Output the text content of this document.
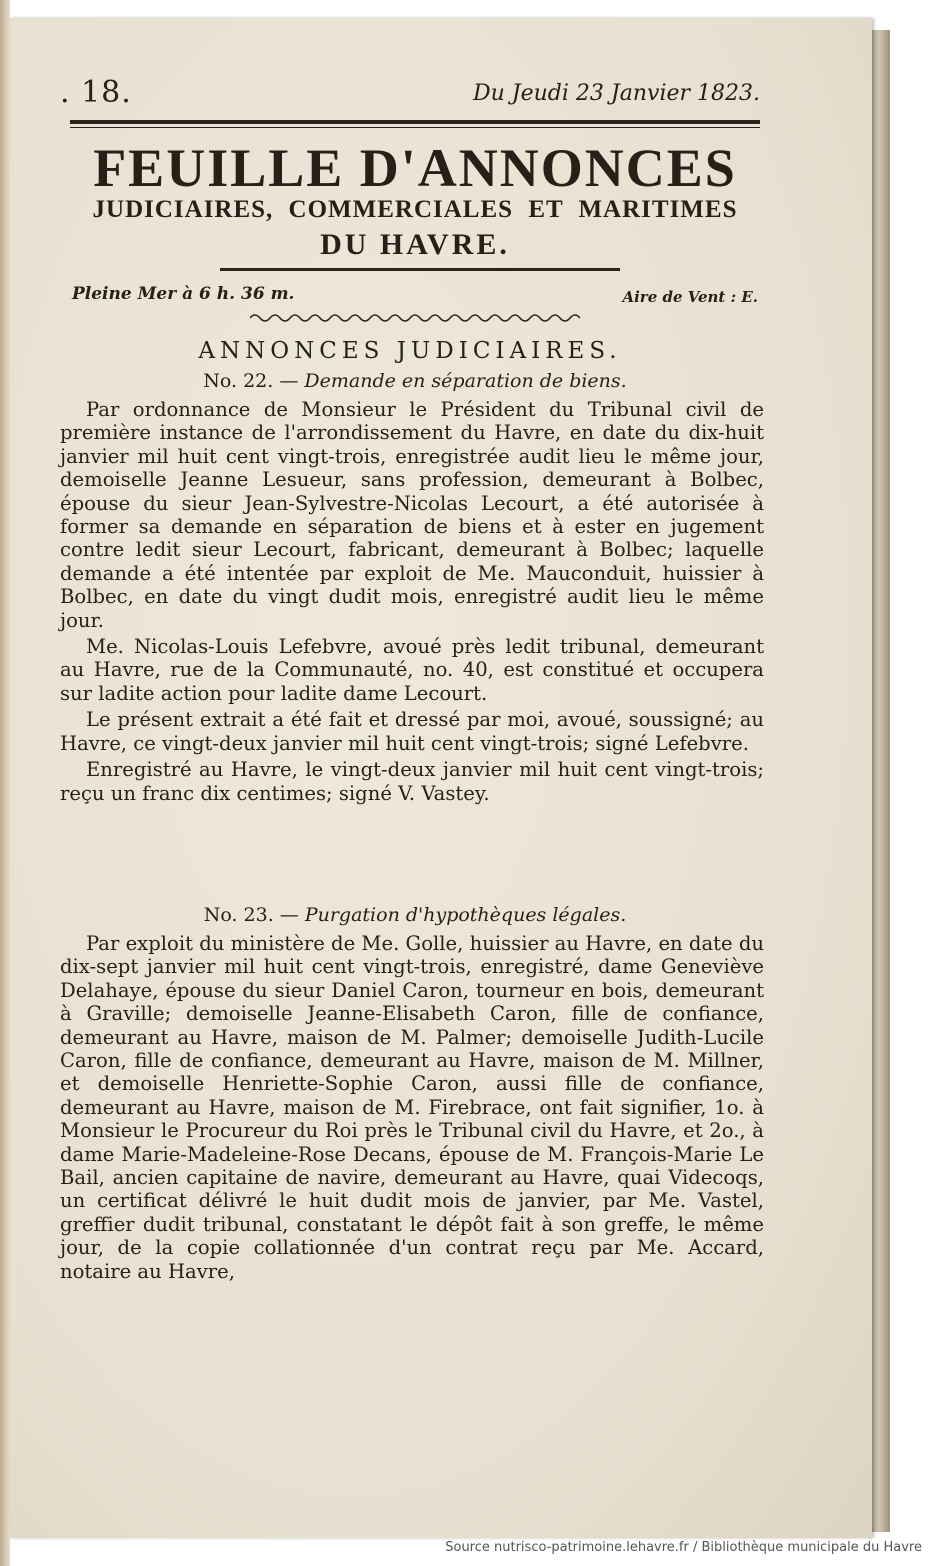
. 18.	Du Jeudi 23 Janvier 1823.
FEUILLE D'ANNONCES
JUDICIAIRES, COMMERCIALES ET MARITIMES
DU HAVRE.
Pleine Mer à 6 h. 36 m.	Aire de Vent : E.
ANNONCES JUDICIAIRES.
No. 22. — Demande en séparation de biens.

Par ordonnance de Monsieur le Président du Tribunal civil de première instance de l'arrondissement du Havre, en date du dix-huit janvier mil huit cent vingt-trois, enregistrée audit lieu le même jour, demoiselle Jeanne Lesueur, sans profession, demeurant à Bolbec, épouse du sieur Jean-Sylvestre-Nicolas Lecourt, a été autorisée à former sa demande en séparation de biens et à ester en jugement contre ledit sieur Lecourt, fabricant, demeurant à Bolbec; laquelle demande a été intentée par exploit de Me. Mauconduit, huissier à Bolbec, en date du vingt dudit mois, enregistré audit lieu le même jour.

Me. Nicolas-Louis Lefebvre, avoué près ledit tribunal, demeurant au Havre, rue de la Communauté, no. 40, est constitué et occupera sur ladite action pour ladite dame Lecourt.

Le présent extrait a été fait et dressé par moi, avoué, soussigné; au Havre, ce vingt-deux janvier mil huit cent vingt-trois; signé Lefebvre.

Enregistré au Havre, le vingt-deux janvier mil huit cent vingt-trois; reçu un franc dix centimes; signé V. Vastey.

No. 23. — Purgation d'hypothèques légales.

Par exploit du ministère de Me. Golle, huissier au Havre, en date du dix-sept janvier mil huit cent vingt-trois, enregistré, dame Geneviève Delahaye, épouse du sieur Daniel Caron, tourneur en bois, demeurant à Graville; demoiselle Jeanne-Elisabeth Caron, fille de confiance, demeurant au Havre, maison de M. Palmer; demoiselle Judith-Lucile Caron, fille de confiance, demeurant au Havre, maison de M. Millner, et demoiselle Henriette-Sophie Caron, aussi fille de confiance, demeurant au Havre, maison de M. Firebrace, ont fait signifier, 1o. à Monsieur le Procureur du Roi près le Tribunal civil du Havre, et 2o., à dame Marie-Madeleine-Rose Decans, épouse de M. François-Marie Le Bail, ancien capitaine de navire, demeurant au Havre, quai Videcoqs, un certificat délivré le huit dudit mois de janvier, par Me. Vastel, greffier dudit tribunal, constatant le dépôt fait à son greffe, le même jour, de la copie collationnée d'un contrat reçu par Me. Accard, notaire au Havre,

Source nutrisco-patrimoine.lehavre.fr / Bibliothèque municipale du Havre
